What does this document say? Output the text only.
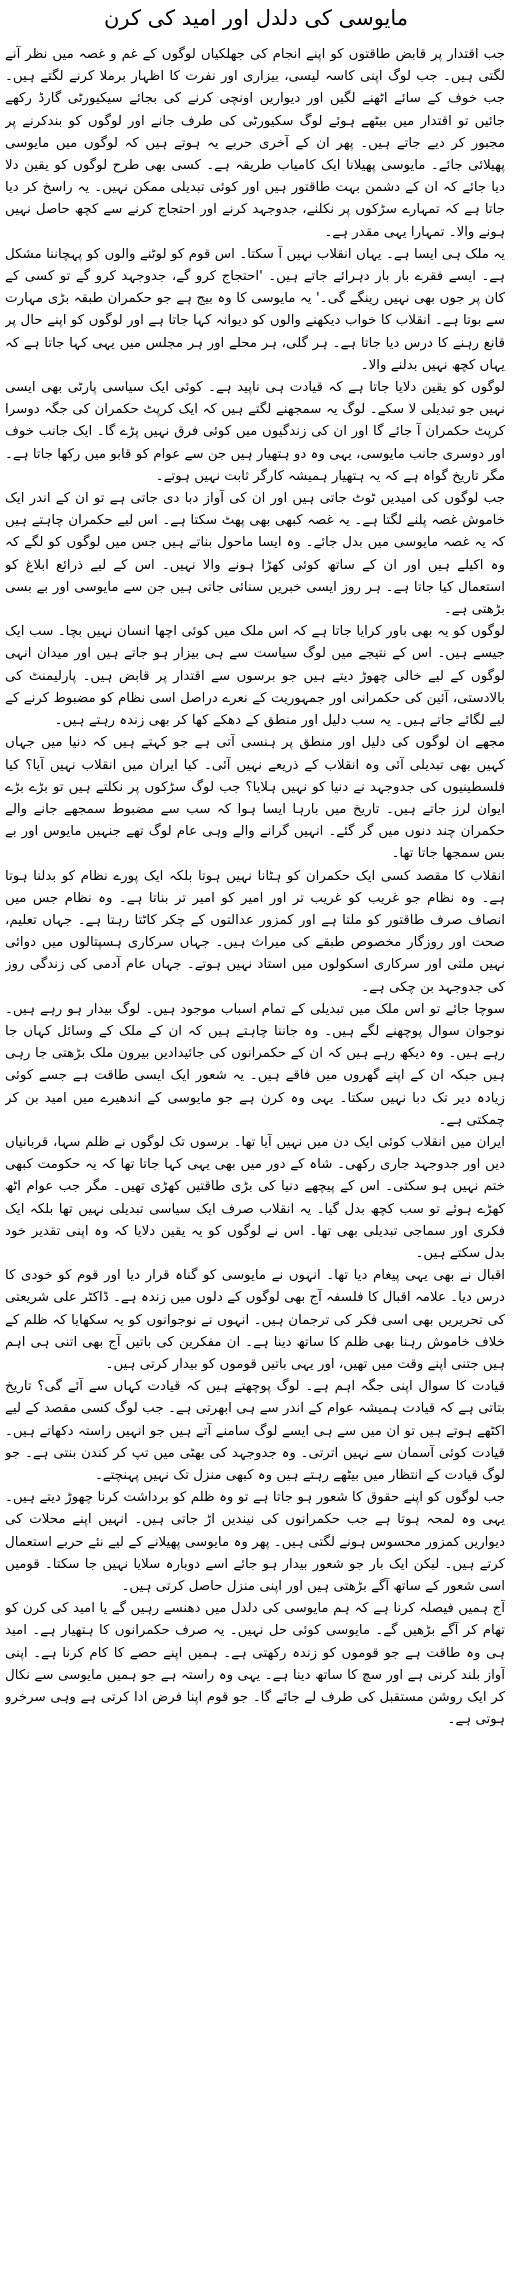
مایوسی کی دلدل اور امید کی کرن

جب اقتدار پر قابض طاقتوں کو اپنے انجام کی جھلکیاں لوگوں کے غم و غصہ میں نظر آنے لگتی ہیں۔ جب لوگ اپنی کاسہ لیسی، بیزاری اور نفرت کا اظہار برملا کرنے لگتے ہیں۔ جب خوف کے سائے اٹھنے لگیں اور دیواریں اونچی کرنے کی بجائے سیکیورٹی گارڈ رکھے جائیں تو اقتدار میں بیٹھے ہوئے لوگ سکیورٹی کی طرف جانے اور لوگوں کو بندکرنے پر مجبور کر دیے جاتے ہیں۔ پھر ان کے آخری حربے یہ ہوتے ہیں کہ لوگوں میں مایوسی پھیلائی جائے۔ مایوسی پھیلانا ایک کامیاب طریقہ ہے۔ کسی بھی طرح لوگوں کو یقین دلا دیا جائے کہ ان کے دشمن بہت طاقتور ہیں اور کوئی تبدیلی ممکن نہیں۔ یہ راسخ کر دیا جاتا ہے کہ تمہارے سڑکوں پر نکلنے، جدوجہد کرنے اور احتجاج کرنے سے کچھ حاصل نہیں ہونے والا۔ تمہارا یہی مقدر ہے۔

یہ ملک ہی ایسا ہے۔ یہاں انقلاب نہیں آ سکتا۔ اس قوم کو لوٹنے والوں کو پہچاننا مشکل ہے۔ ایسے فقرے بار بار دہرائے جاتے ہیں۔ 'احتجاج کرو گے، جدوجہد کرو گے تو کسی کے کان پر جوں بھی نہیں رینگے گی۔' یہ مایوسی کا وہ بیج ہے جو حکمران طبقہ بڑی مہارت سے بوتا ہے۔ انقلاب کا خواب دیکھنے والوں کو دیوانہ کہا جاتا ہے اور لوگوں کو اپنے حال پر قانع رہنے کا درس دیا جاتا ہے۔ ہر گلی، ہر محلے اور ہر مجلس میں یہی کہا جاتا ہے کہ یہاں کچھ نہیں بدلنے والا۔

لوگوں کو یقین دلایا جاتا ہے کہ قیادت ہی ناپید ہے۔ کوئی ایک سیاسی پارٹی بھی ایسی نہیں جو تبدیلی لا سکے۔ لوگ یہ سمجھنے لگتے ہیں کہ ایک کرپٹ حکمران کی جگہ دوسرا کرپٹ حکمران آ جائے گا اور ان کی زندگیوں میں کوئی فرق نہیں پڑے گا۔ ایک جانب خوف اور دوسری جانب مایوسی، یہی وہ دو ہتھیار ہیں جن سے عوام کو قابو میں رکھا جاتا ہے۔ مگر تاریخ گواہ ہے کہ یہ ہتھیار ہمیشہ کارگر ثابت نہیں ہوتے۔

جب لوگوں کی امیدیں ٹوٹ جاتی ہیں اور ان کی آواز دبا دی جاتی ہے تو ان کے اندر ایک خاموش غصہ پلنے لگتا ہے۔ یہ غصہ کبھی بھی پھٹ سکتا ہے۔ اس لیے حکمران چاہتے ہیں کہ یہ غصہ مایوسی میں بدل جائے۔ وہ ایسا ماحول بناتے ہیں جس میں لوگوں کو لگے کہ وہ اکیلے ہیں اور ان کے ساتھ کوئی کھڑا ہونے والا نہیں۔ اس کے لیے ذرائع ابلاغ کو استعمال کیا جاتا ہے۔ ہر روز ایسی خبریں سنائی جاتی ہیں جن سے مایوسی اور بے بسی بڑھتی ہے۔

لوگوں کو یہ بھی باور کرایا جاتا ہے کہ اس ملک میں کوئی اچھا انسان نہیں بچا۔ سب ایک جیسے ہیں۔ اس کے نتیجے میں لوگ سیاست سے ہی بیزار ہو جاتے ہیں اور میدان انہی لوگوں کے لیے خالی چھوڑ دیتے ہیں جو برسوں سے اقتدار پر قابض ہیں۔ پارلیمنٹ کی بالادستی، آئین کی حکمرانی اور جمہوریت کے نعرے دراصل اسی نظام کو مضبوط کرنے کے لیے لگائے جاتے ہیں۔ یہ سب دلیل اور منطق کے دھکے کھا کر بھی زندہ رہتے ہیں۔

مجھے ان لوگوں کی دلیل اور منطق پر ہنسی آتی ہے جو کہتے ہیں کہ دنیا میں جہاں کہیں بھی تبدیلی آئی وہ انقلاب کے ذریعے نہیں آئی۔ کیا ایران میں انقلاب نہیں آیا؟ کیا فلسطینیوں کی جدوجہد نے دنیا کو نہیں ہلایا؟ جب لوگ سڑکوں پر نکلتے ہیں تو بڑے بڑے ایوان لرز جاتے ہیں۔ تاریخ میں بارہا ایسا ہوا کہ سب سے مضبوط سمجھے جانے والے حکمران چند دنوں میں گر گئے۔ انہیں گرانے والے وہی عام لوگ تھے جنہیں مایوس اور بے بس سمجھا جاتا تھا۔

انقلاب کا مقصد کسی ایک حکمران کو ہٹانا نہیں ہوتا بلکہ ایک پورے نظام کو بدلنا ہوتا ہے۔ وہ نظام جو غریب کو غریب تر اور امیر کو امیر تر بناتا ہے۔ وہ نظام جس میں انصاف صرف طاقتور کو ملتا ہے اور کمزور عدالتوں کے چکر کاٹتا رہتا ہے۔ جہاں تعلیم، صحت اور روزگار مخصوص طبقے کی میراث ہیں۔ جہاں سرکاری ہسپتالوں میں دوائی نہیں ملتی اور سرکاری اسکولوں میں استاد نہیں ہوتے۔ جہاں عام آدمی کی زندگی روز کی جدوجہد بن چکی ہے۔

سوچا جائے تو اس ملک میں تبدیلی کے تمام اسباب موجود ہیں۔ لوگ بیدار ہو رہے ہیں۔ نوجوان سوال پوچھنے لگے ہیں۔ وہ جاننا چاہتے ہیں کہ ان کے ملک کے وسائل کہاں جا رہے ہیں۔ وہ دیکھ رہے ہیں کہ ان کے حکمرانوں کی جائیدادیں بیرون ملک بڑھتی جا رہی ہیں جبکہ ان کے اپنے گھروں میں فاقے ہیں۔ یہ شعور ایک ایسی طاقت ہے جسے کوئی زیادہ دیر تک دبا نہیں سکتا۔ یہی وہ کرن ہے جو مایوسی کے اندھیرے میں امید بن کر چمکتی ہے۔

ایران میں انقلاب کوئی ایک دن میں نہیں آیا تھا۔ برسوں تک لوگوں نے ظلم سہا، قربانیاں دیں اور جدوجہد جاری رکھی۔ شاہ کے دور میں بھی یہی کہا جاتا تھا کہ یہ حکومت کبھی ختم نہیں ہو سکتی۔ اس کے پیچھے دنیا کی بڑی طاقتیں کھڑی تھیں۔ مگر جب عوام اٹھ کھڑے ہوئے تو سب کچھ بدل گیا۔ یہ انقلاب صرف ایک سیاسی تبدیلی نہیں تھا بلکہ ایک فکری اور سماجی تبدیلی بھی تھا۔ اس نے لوگوں کو یہ یقین دلایا کہ وہ اپنی تقدیر خود بدل سکتے ہیں۔

اقبال نے بھی یہی پیغام دیا تھا۔ انہوں نے مایوسی کو گناہ قرار دیا اور قوم کو خودی کا درس دیا۔ علامہ اقبال کا فلسفہ آج بھی لوگوں کے دلوں میں زندہ ہے۔ ڈاکٹر علی شریعتی کی تحریریں بھی اسی فکر کی ترجمان ہیں۔ انہوں نے نوجوانوں کو یہ سکھایا کہ ظلم کے خلاف خاموش رہنا بھی ظلم کا ساتھ دینا ہے۔ ان مفکرین کی باتیں آج بھی اتنی ہی اہم ہیں جتنی اپنے وقت میں تھیں، اور یہی باتیں قوموں کو بیدار کرتی ہیں۔

قیادت کا سوال اپنی جگہ اہم ہے۔ لوگ پوچھتے ہیں کہ قیادت کہاں سے آئے گی؟ تاریخ بتاتی ہے کہ قیادت ہمیشہ عوام کے اندر سے ہی ابھرتی ہے۔ جب لوگ کسی مقصد کے لیے اکٹھے ہوتے ہیں تو ان میں سے ہی ایسے لوگ سامنے آتے ہیں جو انہیں راستہ دکھاتے ہیں۔ قیادت کوئی آسمان سے نہیں اترتی۔ وہ جدوجہد کی بھٹی میں تپ کر کندن بنتی ہے۔ جو لوگ قیادت کے انتظار میں بیٹھے رہتے ہیں وہ کبھی منزل تک نہیں پہنچتے۔

جب لوگوں کو اپنے حقوق کا شعور ہو جاتا ہے تو وہ ظلم کو برداشت کرنا چھوڑ دیتے ہیں۔ یہی وہ لمحہ ہوتا ہے جب حکمرانوں کی نیندیں اڑ جاتی ہیں۔ انہیں اپنے محلات کی دیواریں کمزور محسوس ہونے لگتی ہیں۔ پھر وہ مایوسی پھیلانے کے لیے نئے حربے استعمال کرتے ہیں۔ لیکن ایک بار جو شعور بیدار ہو جائے اسے دوبارہ سلایا نہیں جا سکتا۔ قومیں اسی شعور کے ساتھ آگے بڑھتی ہیں اور اپنی منزل حاصل کرتی ہیں۔

آج ہمیں فیصلہ کرنا ہے کہ ہم مایوسی کی دلدل میں دھنسے رہیں گے یا امید کی کرن کو تھام کر آگے بڑھیں گے۔ مایوسی کوئی حل نہیں۔ یہ صرف حکمرانوں کا ہتھیار ہے۔ امید ہی وہ طاقت ہے جو قوموں کو زندہ رکھتی ہے۔ ہمیں اپنے حصے کا کام کرنا ہے۔ اپنی آواز بلند کرنی ہے اور سچ کا ساتھ دینا ہے۔ یہی وہ راستہ ہے جو ہمیں مایوسی سے نکال کر ایک روشن مستقبل کی طرف لے جائے گا۔ جو قوم اپنا فرض ادا کرتی ہے وہی سرخرو ہوتی ہے۔
